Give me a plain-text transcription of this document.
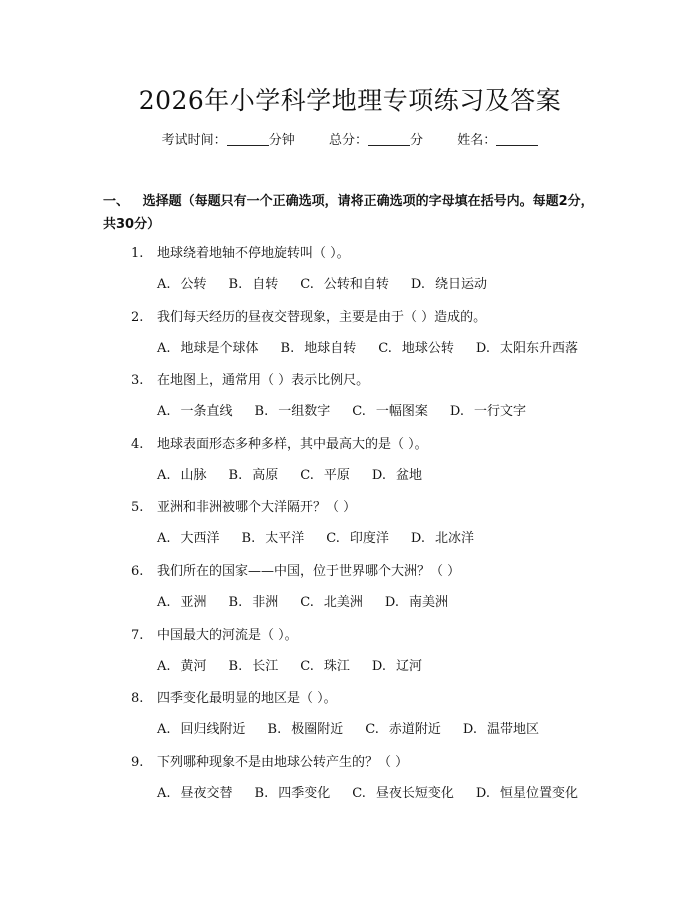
2026年小学科学地理专项练习及答案
考试时间：	分钟	总分：	分	姓名：
一、 选择题（每题只有一个正确选项，请将正确选项的字母填在括号内。每题2分，共30分）
1. 地球绕着地轴不停地旋转叫（ ）。
A. 公转 B. 自转 C. 公转和自转 D. 绕日运动
2. 我们每天经历的昼夜交替现象，主要是由于（ ）造成的。
A. 地球是个球体 B. 地球自转 C. 地球公转 D. 太阳东升西落
3. 在地图上，通常用（ ）表示比例尺。
A. 一条直线 B. 一组数字 C. 一幅图案 D. 一行文字
4. 地球表面形态多种多样，其中最高大的是（ ）。
A. 山脉 B. 高原 C. 平原 D. 盆地
5. 亚洲和非洲被哪个大洋隔开？（ ）
A. 大西洋 B. 太平洋 C. 印度洋 D. 北冰洋
6. 我们所在的国家——中国，位于世界哪个大洲？（ ）
A. 亚洲 B. 非洲 C. 北美洲 D. 南美洲
7. 中国最大的河流是（ ）。
A. 黄河 B. 长江 C. 珠江 D. 辽河
8. 四季变化最明显的地区是（ ）。
A. 回归线附近 B. 极圈附近 C. 赤道附近 D. 温带地区
9. 下列哪种现象不是由地球公转产生的？（ ）
A. 昼夜交替 B. 四季变化 C. 昼夜长短变化 D. 恒星位置变化
